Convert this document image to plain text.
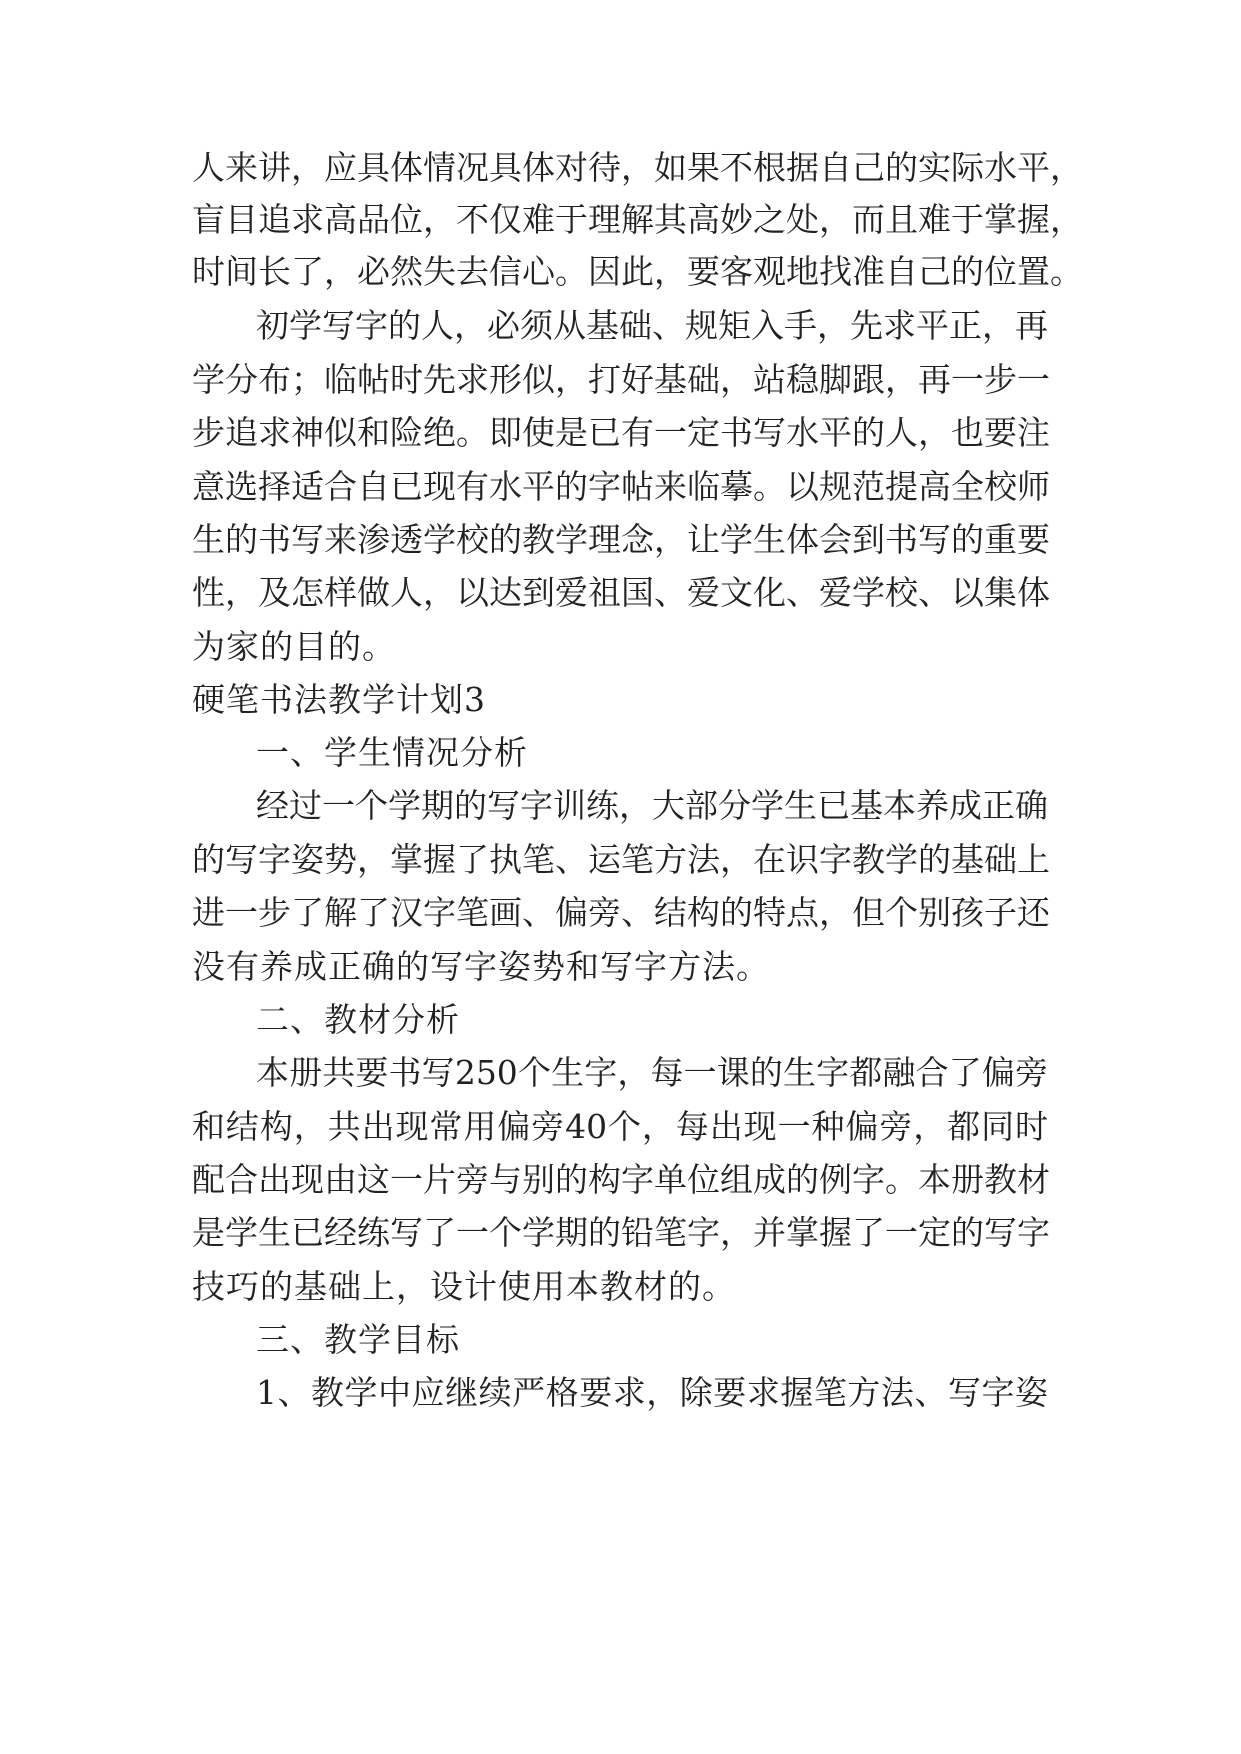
人来讲，应具体情况具体对待，如果不根据自己的实际水平，
盲目追求高品位，不仅难于理解其高妙之处，而且难于掌握，
时间长了，必然失去信心。因此，要客观地找准自己的位置。
初学写字的人，必须从基础、规矩入手，先求平正，再
学分布；临帖时先求形似，打好基础，站稳脚跟，再一步一
步追求神似和险绝。即使是已有一定书写水平的人，也要注
意选择适合自已现有水平的字帖来临摹。以规范提高全校师
生的书写来渗透学校的教学理念，让学生体会到书写的重要
性，及怎样做人，以达到爱祖国、爱文化、爱学校、以集体
为家的目的。
硬笔书法教学计划3
一、学生情况分析
经过一个学期的写字训练，大部分学生已基本养成正确
的写字姿势，掌握了执笔、运笔方法，在识字教学的基础上
进一步了解了汉字笔画、偏旁、结构的特点，但个别孩子还
没有养成正确的写字姿势和写字方法。
二、教材分析
本册共要书写250个生字，每一课的生字都融合了偏旁
和结构，共出现常用偏旁40个，每出现一种偏旁，都同时
配合出现由这一片旁与别的构字单位组成的例字。本册教材
是学生已经练写了一个学期的铅笔字，并掌握了一定的写字
技巧的基础上，设计使用本教材的。
三、教学目标
1、教学中应继续严格要求，除要求握笔方法、写字姿
